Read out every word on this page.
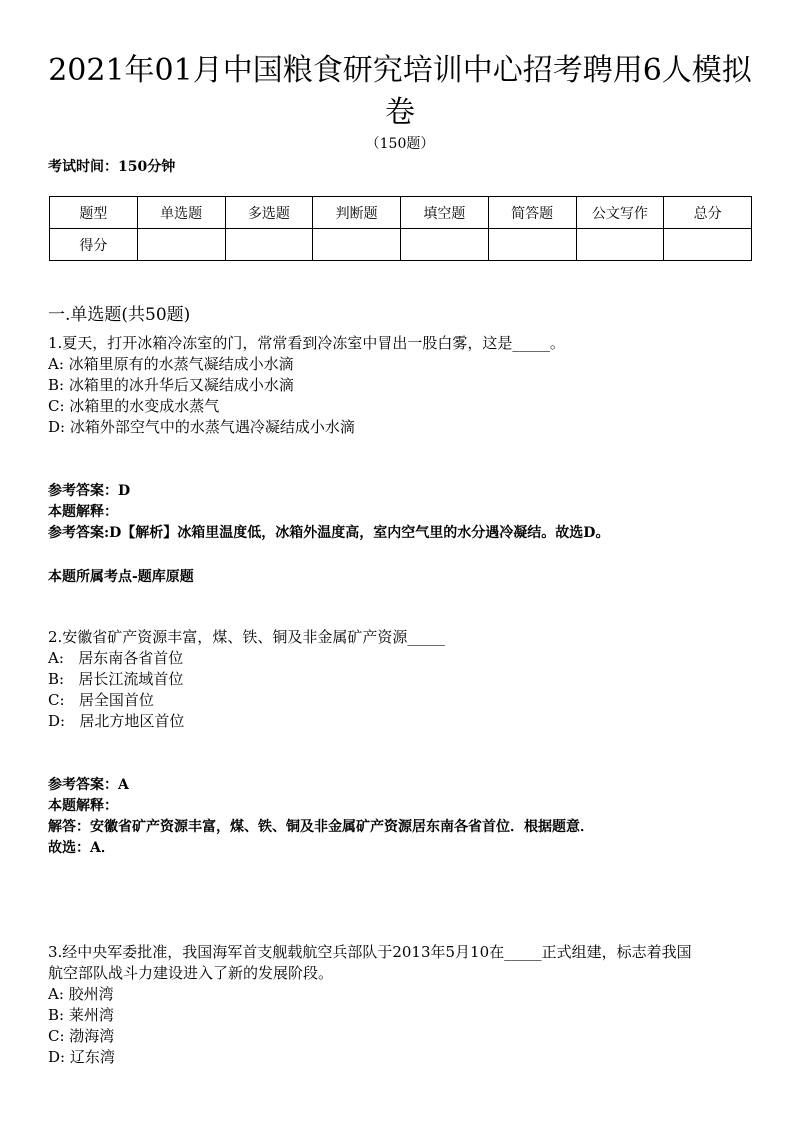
2021年01月中国粮食研究培训中心招考聘用6人模拟卷
（150题）
考试时间：150分钟
题型	单选题	多选题	判断题	填空题	简答题	公文写作	总分
得分							
一.单选题(共50题)
1.夏天，打开冰箱冷冻室的门，常常看到冷冻室中冒出一股白雾，这是_____。
A: 冰箱里原有的水蒸气凝结成小水滴
B: 冰箱里的冰升华后又凝结成小水滴
C: 冰箱里的水变成水蒸气
D: 冰箱外部空气中的水蒸气遇冷凝结成小水滴
参考答案：D
本题解释：
参考答案:D【解析】冰箱里温度低，冰箱外温度高，室内空气里的水分遇冷凝结。故选D。
本题所属考点-题库原题
2.安徽省矿产资源丰富，煤、铁、铜及非金属矿产资源_____
A:   居东南各省首位
B:   居长江流域首位
C:   居全国首位
D:   居北方地区首位
参考答案：A
本题解释：
解答：安徽省矿产资源丰富，煤、铁、铜及非金属矿产资源居东南各省首位．根据题意．
故选：A．
3.经中央军委批准，我国海军首支舰载航空兵部队于2013年5月10在_____正式组建，标志着我国
航空部队战斗力建设进入了新的发展阶段。
A: 胶州湾
B: 莱州湾
C: 渤海湾
D: 辽东湾
